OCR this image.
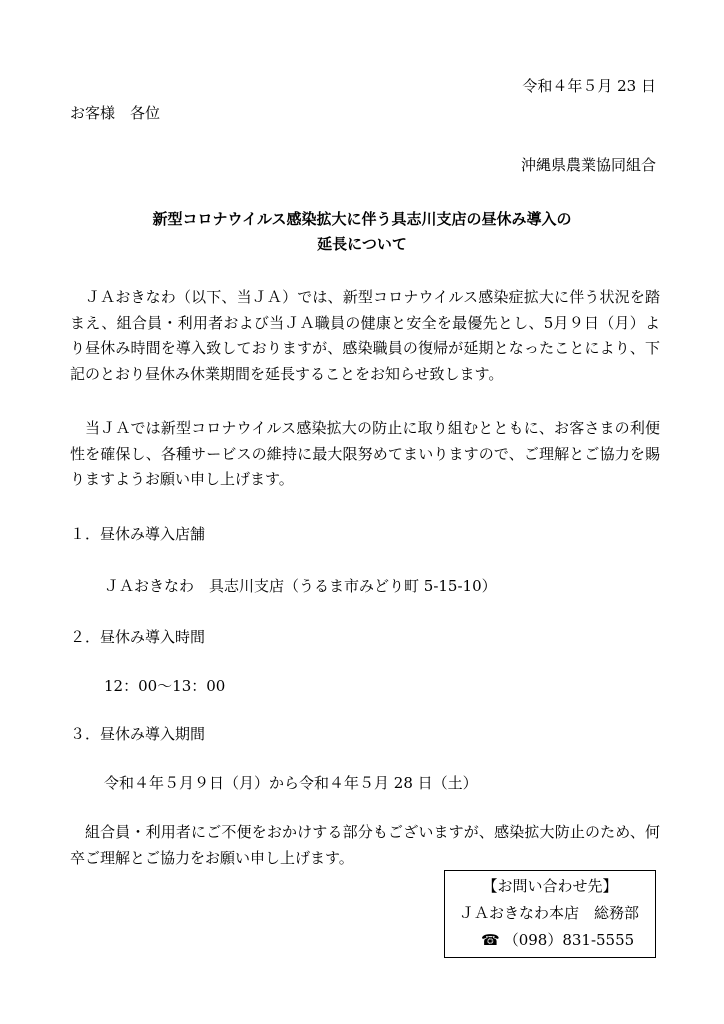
令和４年５月 23 日

お客様　各位

沖縄県農業協同組合

新型コロナウイルス感染拡大に伴う具志川支店の昼休み導入の

延長について

ＪＡおきなわ（以下、当ＪＡ）では、新型コロナウイルス感染症拡大に伴う状況を踏まえ、組合員・利用者および当ＪＡ職員の健康と安全を最優先とし、5月９日（月）より昼休み時間を導入致しておりますが、感染職員の復帰が延期となったことにより、下記のとおり昼休み休業期間を延長することをお知らせ致します。

当ＪＡでは新型コロナウイルス感染拡大の防止に取り組むとともに、お客さまの利便性を確保し、各種サービスの維持に最大限努めてまいりますので、ご理解とご協力を賜りますようお願い申し上げます。

１．昼休み導入店舗

ＪＡおきなわ　具志川支店（うるま市みどり町 5-15-10）

２．昼休み導入時間

12：00〜13：00

３．昼休み導入期間

令和４年５月９日（月）から令和４年５月 28 日（土）

組合員・利用者にご不便をおかけする部分もございますが、感染拡大防止のため、何卒ご理解とご協力をお願い申し上げます。

【お問い合わせ先】

ＪＡおきなわ本店　総務部

☎ （098）831-5555
